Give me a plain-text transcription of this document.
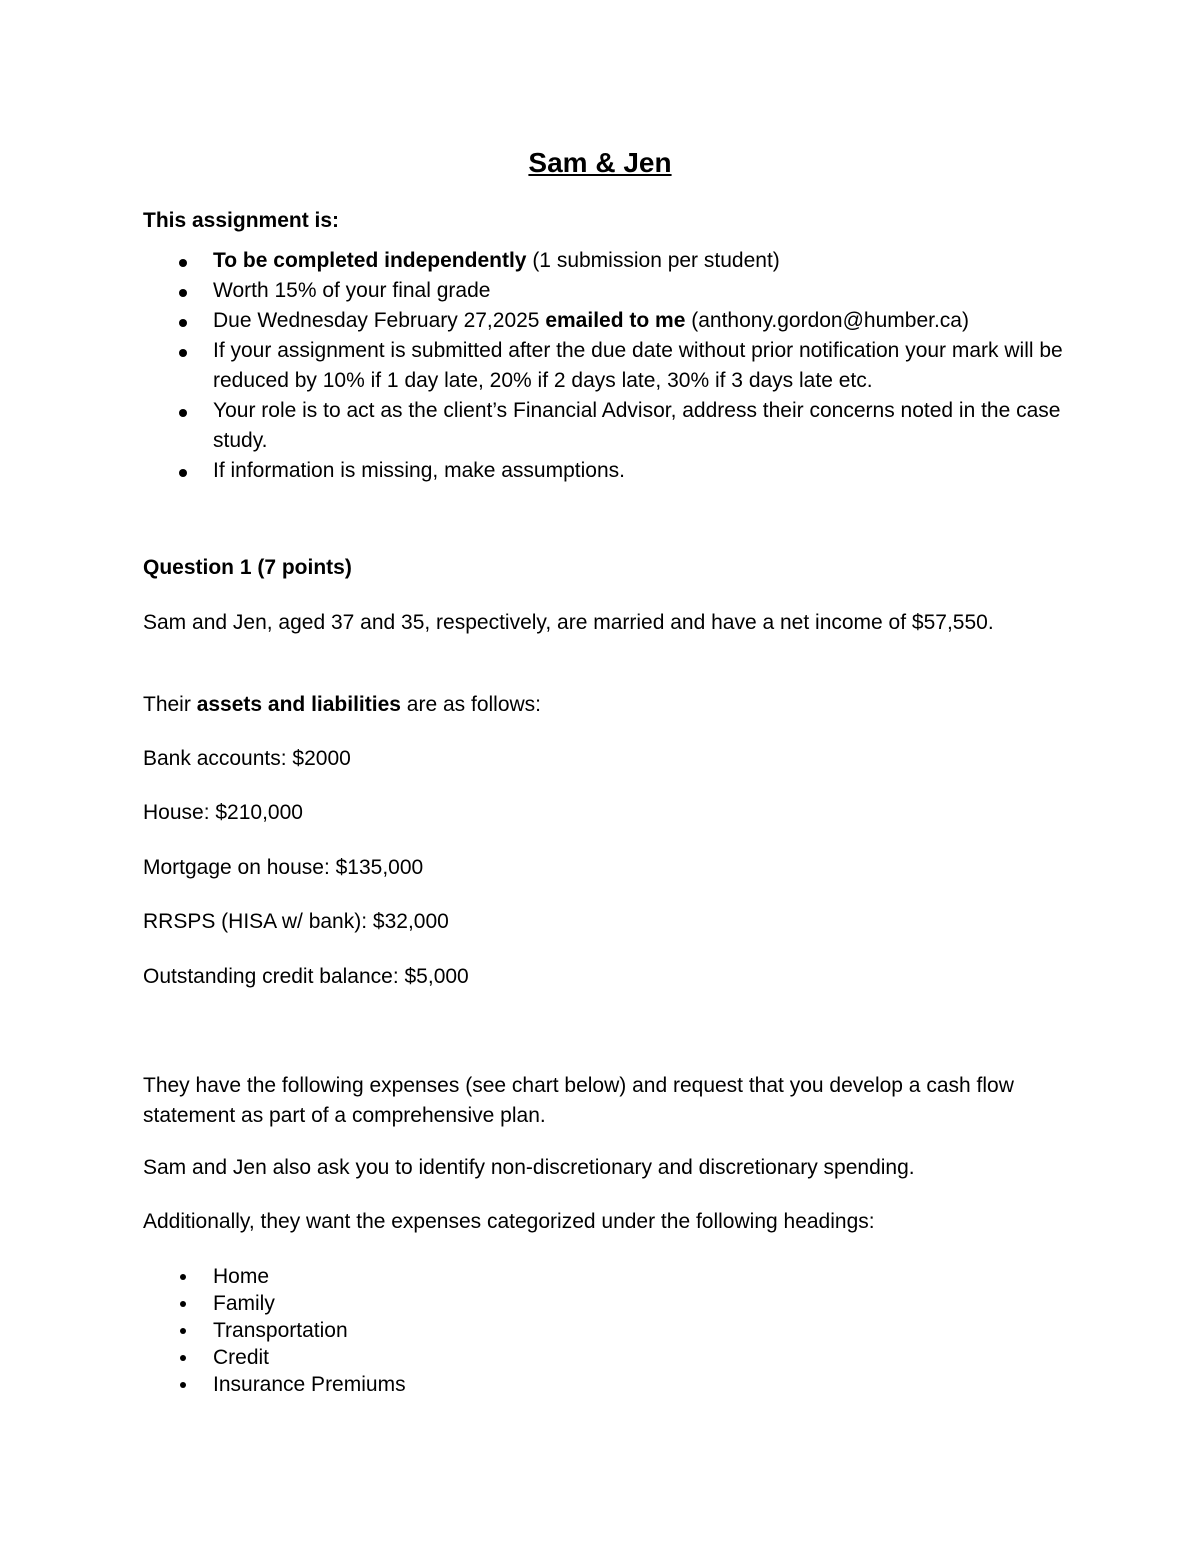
Sam & Jen

This assignment is:

To be completed independently (1 submission per student)
Worth 15% of your final grade
Due Wednesday February 27,2025 emailed to me (anthony.gordon@humber.ca)
If your assignment is submitted after the due date without prior notification your mark will be reduced by 10% if 1 day late, 20% if 2 days late, 30% if 3 days late etc.
Your role is to act as the client’s Financial Advisor, address their concerns noted in the case study.
If information is missing, make assumptions.

Question 1 (7 points)

Sam and Jen, aged 37 and 35, respectively, are married and have a net income of $57,550.

Their assets and liabilities are as follows:

Bank accounts: $2000

House: $210,000

Mortgage on house: $135,000

RRSPS (HISA w/ bank): $32,000

Outstanding credit balance: $5,000

They have the following expenses (see chart below) and request that you develop a cash flow statement as part of a comprehensive plan.

Sam and Jen also ask you to identify non-discretionary and discretionary spending.

Additionally, they want the expenses categorized under the following headings:

Home
Family
Transportation
Credit
Insurance Premiums
